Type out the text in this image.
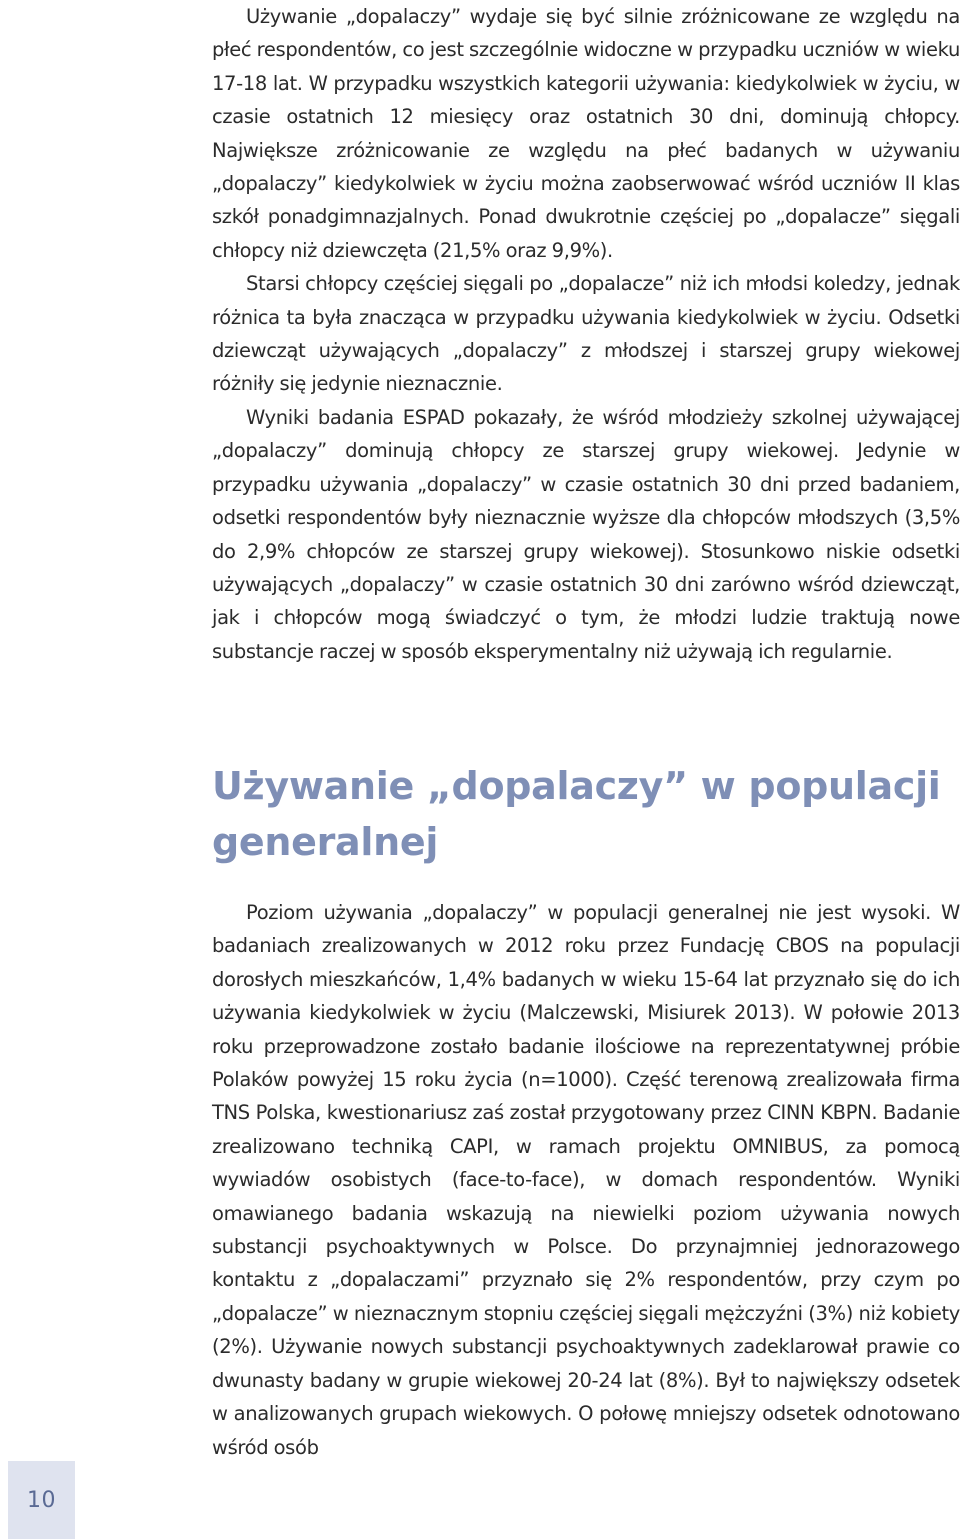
Używanie „dopalaczy” wydaje się być silnie zróżnicowane ze względu na płeć respondentów, co jest szczególnie widoczne w przypadku uczniów w wieku 17-18 lat. W przypadku wszystkich kategorii używania: kiedykolwiek w życiu, w czasie ostatnich 12 miesięcy oraz ostatnich 30 dni, dominują chłopcy. Największe zróżnicowanie ze względu na płeć badanych w używaniu „dopalaczy” kiedykolwiek w życiu można zaobserwować wśród uczniów II klas szkół ponadgimnazjalnych. Ponad dwukrotnie częściej po „dopalacze” sięgali chłopcy niż dziewczęta (21,5% oraz 9,9%).

Starsi chłopcy częściej sięgali po „dopalacze” niż ich młodsi koledzy, jednak różnica ta była znacząca w przypadku używania kiedykolwiek w życiu. Odsetki dziewcząt używających „dopalaczy” z młodszej i starszej grupy wiekowej różniły się jedynie nieznacznie.

Wyniki badania ESPAD pokazały, że wśród młodzieży szkolnej używającej „dopalaczy” dominują chłopcy ze starszej grupy wiekowej. Jedynie w przypadku używania „dopalaczy” w czasie ostatnich 30 dni przed badaniem, odsetki respondentów były nieznacznie wyższe dla chłopców młodszych (3,5% do 2,9% chłopców ze starszej grupy wiekowej). Stosunkowo niskie odsetki używających „dopalaczy” w czasie ostatnich 30 dni zarówno wśród dziewcząt, jak i chłopców mogą świadczyć o tym, że młodzi ludzie traktują nowe substancje raczej w sposób eksperymentalny niż używają ich regularnie.

Używanie „dopalaczy” w populacji generalnej

Poziom używania „dopalaczy” w populacji generalnej nie jest wysoki. W badaniach zrealizowanych w 2012 roku przez Fundację CBOS na populacji dorosłych mieszkańców, 1,4% badanych w wieku 15-64 lat przyznało się do ich używania kiedykolwiek w życiu (Malczewski, Misiurek 2013). W połowie 2013 roku przeprowadzone zostało badanie ilościowe na reprezentatywnej próbie Polaków powyżej 15 roku życia (n=1000). Część terenową zrealizowała firma TNS Polska, kwestionariusz zaś został przygotowany przez CINN KBPN. Badanie zrealizowano techniką CAPI, w ramach projektu OMNIBUS, za pomocą wywiadów osobistych (face-to-face), w domach respondentów. Wyniki omawianego badania wskazują na niewielki poziom używania nowych substancji psychoaktywnych w Polsce. Do przynajmniej jednorazowego kontaktu z „dopalaczami” przyznało się 2% respondentów, przy czym po „dopalacze” w nieznacznym stopniu częściej sięgali mężczyźni (3%) niż kobiety (2%). Używanie nowych substancji psychoaktywnych zadeklarował prawie co dwunasty badany w grupie wiekowej 20-24 lat (8%). Był to największy odsetek w analizowanych grupach wiekowych. O połowę mniejszy odsetek odnotowano wśród osób

10
